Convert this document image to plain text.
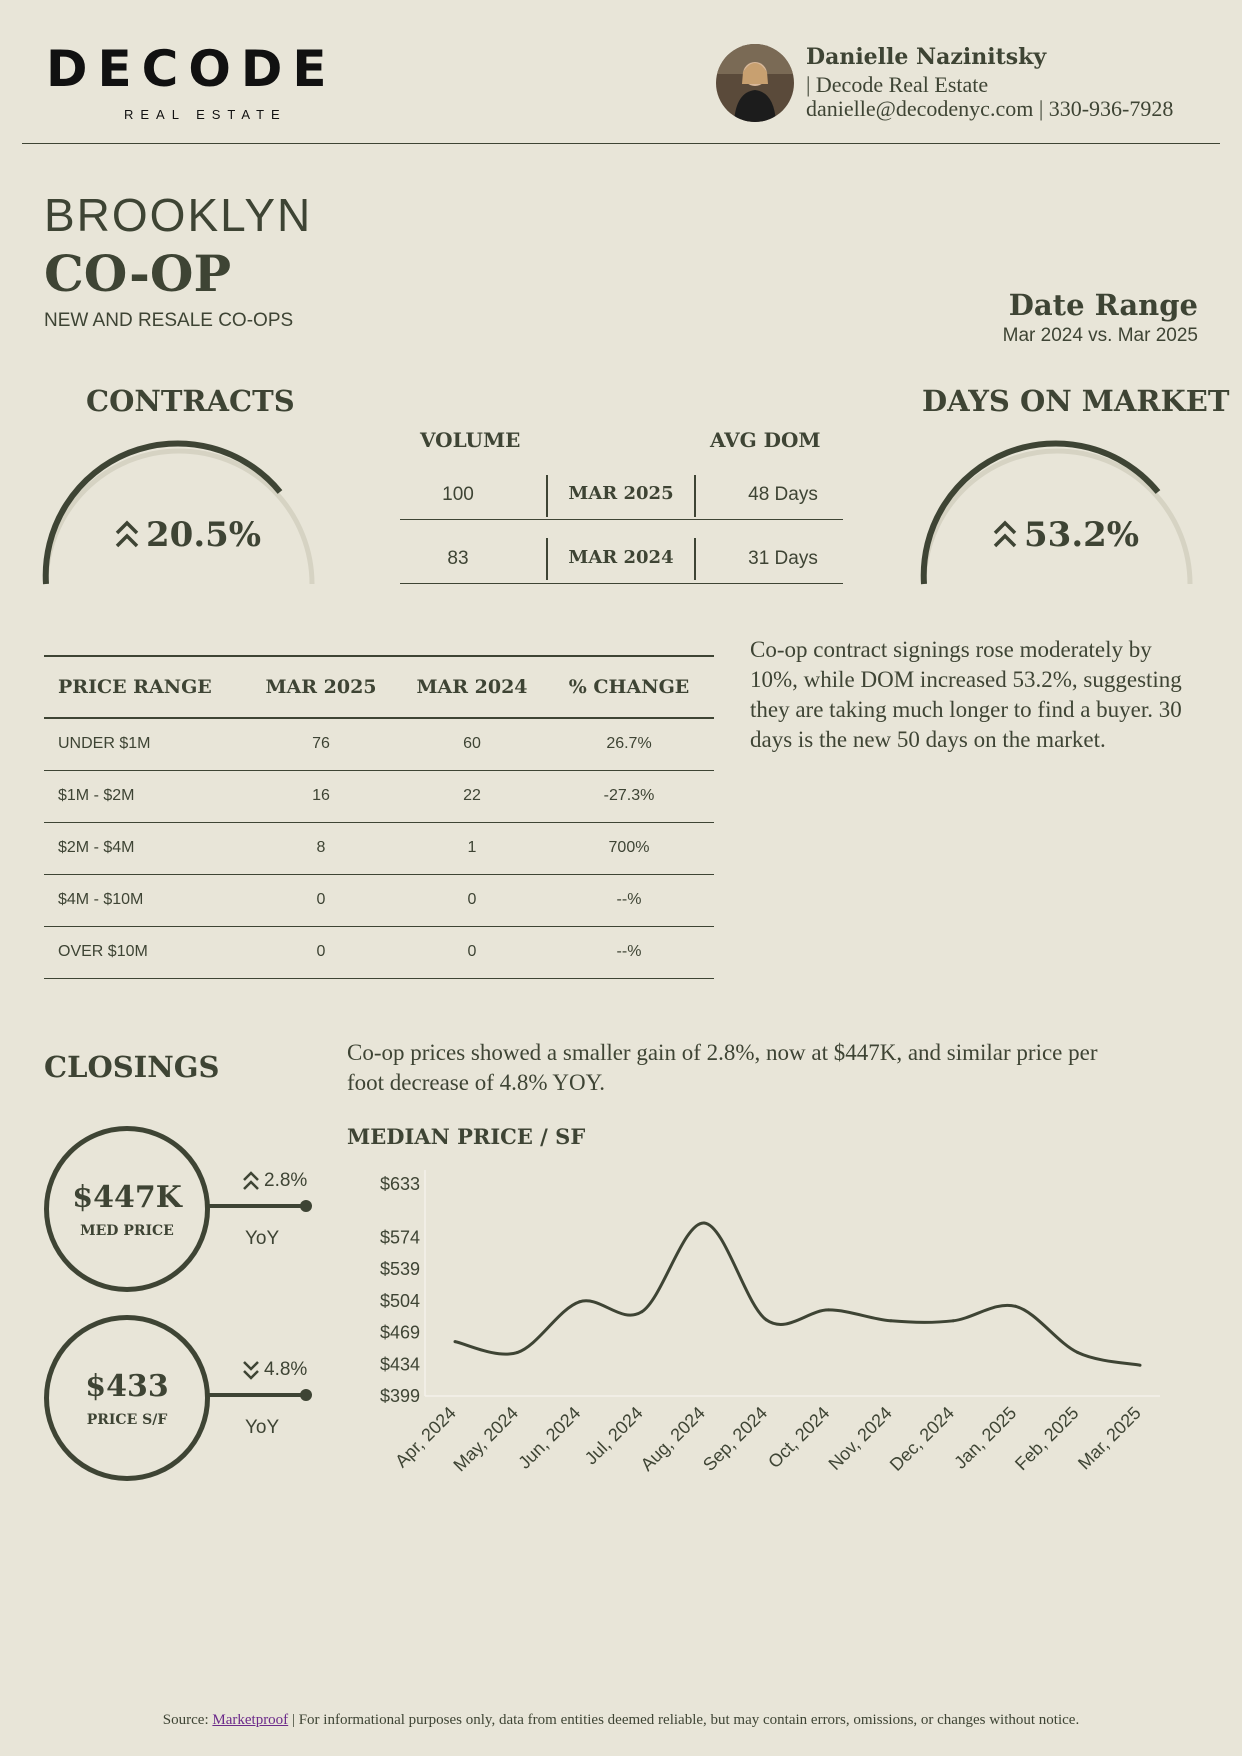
DECODE
REAL ESTATE
Danielle Nazinitsky
| Decode Real Estate
danielle@decodenyc.com | 330-936-7928
BROOKLYN
CO-OP
NEW AND RESALE CO-OPS	Date Range
Mar 2024 vs. Mar 2025
CONTRACTS
20.5%
DAYS ON MARKET
53.2%
VOLUME	AVG DOM
100	MAR 2025	48 Days
83	MAR 2024	31 Days
PRICE RANGE	MAR 2025	MAR 2024	% CHANGE
UNDER $1M	76	60	26.7%
$1M - $2M	16	22	-27.3%
$2M - $4M	8	1	700%
$4M - $10M	0	0	--%
OVER $10M	0	0	--%
Co-op contract signings rose moderately by 10%, while DOM increased 53.2%, suggesting they are taking much longer to find a buyer. 30 days is the new 50 days on the market.
CLOSINGS	Co-op prices showed a smaller gain of 2.8%, now at $447K, and similar price per foot decrease of 4.8% YOY.
$447K
MED PRICE
2.8%
YoY
$433
PRICE S/F
4.8%
YoY
MEDIAN PRICE / SF
$633
$574
$539
$504
$469
$434
$399
Apr, 2024
May, 2024
Jun, 2024
Jul, 2024
Aug, 2024
Sep, 2024
Oct, 2024
Nov, 2024
Dec, 2024
Jan, 2025
Feb, 2025
Mar, 2025
Source: Marketproof | For informational purposes only, data from entities deemed reliable, but may contain errors, omissions, or changes without notice.
